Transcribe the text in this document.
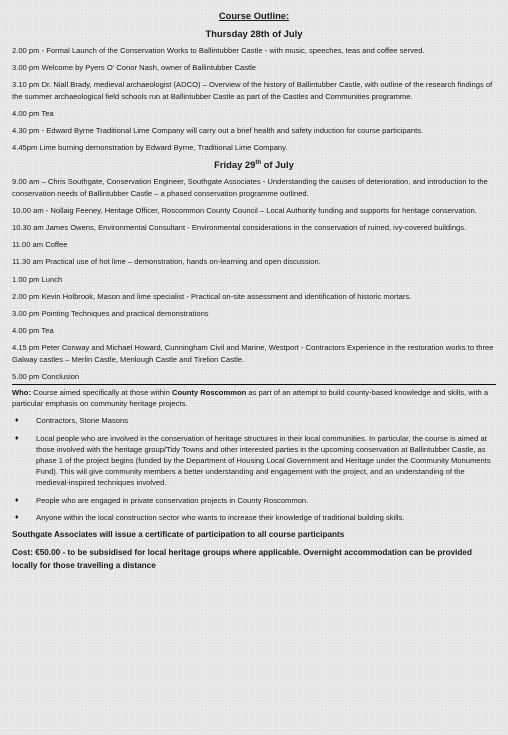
Course Outline:
Thursday 28th of July
2.00 pm - Formal Launch of the Conservation Works to Ballintubber Castle - with music, speeches, teas and coffee served.
3.00 pm Welcome by Pyers O' Conor Nash, owner of Ballintubber Castle
3.10 pm Dr. Niall Brady, medieval archaeologist (ADCO) – Overview of the history of Ballintubber Castle, with outline of the research findings of the summer archaeological field schools run at Ballintubber Castle as part of the Castles and Communities programme.
4.00 pm Tea
4.30 pm - Edward Byrne Traditional Lime Company will carry out a brief health and safety induction for course participants.
4.45pm Lime burning demonstration by Edward Byrne, Traditional Lime Company.
Friday 29th of July
9.00 am – Chris Southgate, Conservation Engineer, Southgate Associates - Understanding the causes of deterioration, and introduction to the conservation needs of Ballintubber Castle – a phased conservation programme outlined.
10.00 am - Nollaig Feeney, Heritage Officer, Roscommon County Council – Local Authority funding and supports for heritage conservation.
10.30 am James Owens, Environmental Consultant - Environmental considerations in the conservation of ruined, ivy-covered buildings.
11.00 am Coffee
11.30 am Practical use of hot lime – demonstration, hands on-learning and open discussion.
1.00 pm Lunch
2.00 pm Kevin Holbrook, Mason and lime specialist - Practical on-site assessment and identification of historic mortars.
3.00 pm Pointing Techniques and practical demonstrations
4.00 pm Tea
4.15 pm Peter Conway and Michael Howard, Cunningham Civil and Marine, Westport - Contractors Experience in the restoration works to three Galway castles – Merlin Castle, Menlough Castle and Tirelion Castle.
5.00 pm Conclusion
Who: Course aimed specifically at those within County Roscommon as part of an attempt to build county-based knowledge and skills, with a particular emphasis on community heritage projects.
♦ Contractors, Stone Masons
♦ Local people who are involved in the conservation of heritage structures in their local communities. In particular, the course is aimed at those involved with the heritage group/Tidy Towns and other interested parties in the upcoming conservation at Ballintubber Castle, as phase 1 of the project begins (funded by the Department of Housing Local Government and Heritage under the Community Monuments Fund). This will give community members a better understanding and engagement with the project, and an understanding of the medieval-inspired techniques involved.
♦ People who are engaged in private conservation projects in County Roscommon.
♦ Anyone within the local construction sector who wants to increase their knowledge of traditional building skills.
Southgate Associates will issue a certificate of participation to all course participants
Cost: €50.00 - to be subsidised for local heritage groups where applicable. Overnight accommodation can be provided locally for those travelling a distance
